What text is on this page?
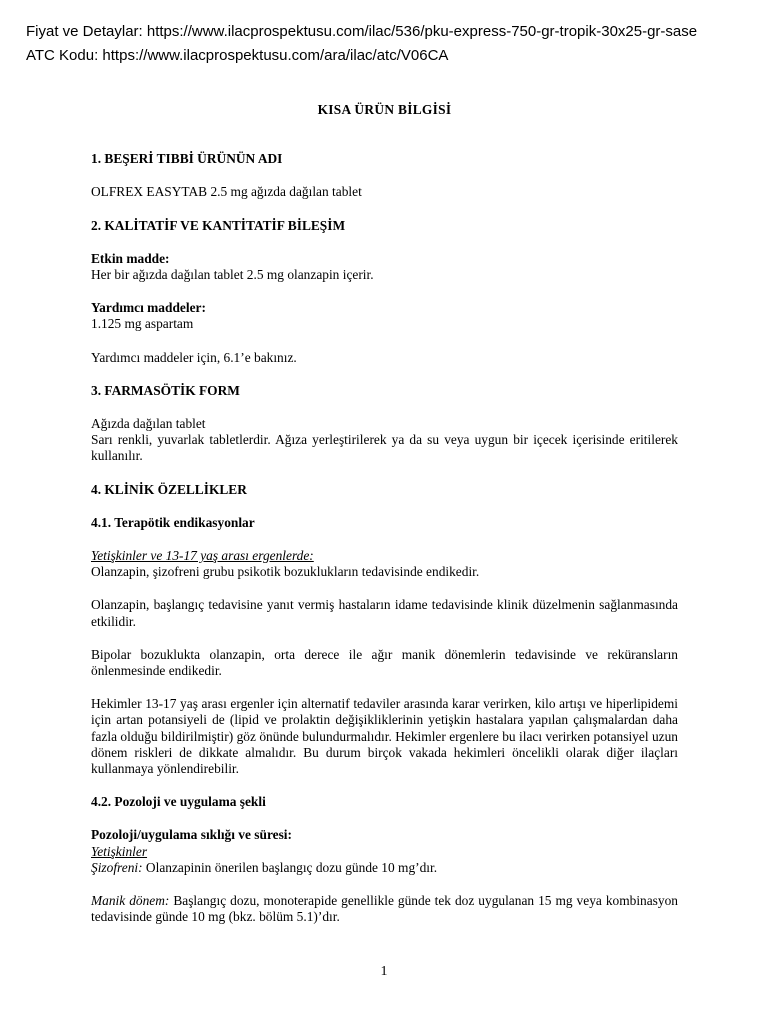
Fiyat ve Detaylar: https://www.ilacprospektusu.com/ilac/536/pku-express-750-gr-tropik-30x25-gr-sase
ATC Kodu: https://www.ilacprospektusu.com/ara/ilac/atc/V06CA
KISA ÜRÜN BİLGİSİ
1. BEŞERİ TIBBİ ÜRÜNÜN ADI
OLFREX EASYTAB 2.5 mg ağızda dağılan tablet
2. KALİTATİF VE KANTİTATİF BİLEŞİM
Etkin madde:
Her bir ağızda dağılan tablet 2.5 mg olanzapin içerir.
Yardımcı maddeler:
1.125 mg aspartam
Yardımcı maddeler için, 6.1’e bakınız.
3. FARMASÖTİK FORM
Ağızda dağılan tablet
Sarı renkli, yuvarlak tabletlerdir. Ağıza yerleştirilerek ya da su veya uygun bir içecek içerisinde eritilerek kullanılır.
4. KLİNİK ÖZELLİKLER
4.1. Terapötik endikasyonlar
Yetişkinler ve 13-17 yaş arası ergenlerde:
Olanzapin, şizofreni grubu psikotik bozuklukların tedavisinde endikedir.
Olanzapin, başlangıç tedavisine yanıt vermiş hastaların idame tedavisinde klinik düzelmenin sağlanmasında etkilidir.
Bipolar bozuklukta olanzapin, orta derece ile ağır manik dönemlerin tedavisinde ve reküransların önlenmesinde endikedir.
Hekimler 13-17 yaş arası ergenler için alternatif tedaviler arasında karar verirken, kilo artışı ve hiperlipidemi için artan potansiyeli de (lipid ve prolaktin değişikliklerinin yetişkin hastalara yapılan çalışmalardan daha fazla olduğu bildirilmiştir) göz önünde bulundurmalıdır. Hekimler ergenlere bu ilacı verirken potansiyel uzun dönem riskleri de dikkate almalıdır. Bu durum birçok vakada hekimleri öncelikli olarak diğer ilaçları kullanmaya yönlendirebilir.
4.2. Pozoloji ve uygulama şekli
Pozoloji/uygulama sıklığı ve süresi:
Yetişkinler
Şizofreni: Olanzapinin önerilen başlangıç dozu günde 10 mg’dır.
Manik dönem: Başlangıç dozu, monoterapide genellikle günde tek doz uygulanan 15 mg veya kombinasyon tedavisinde günde 10 mg (bkz. bölüm 5.1)’dır.
1
